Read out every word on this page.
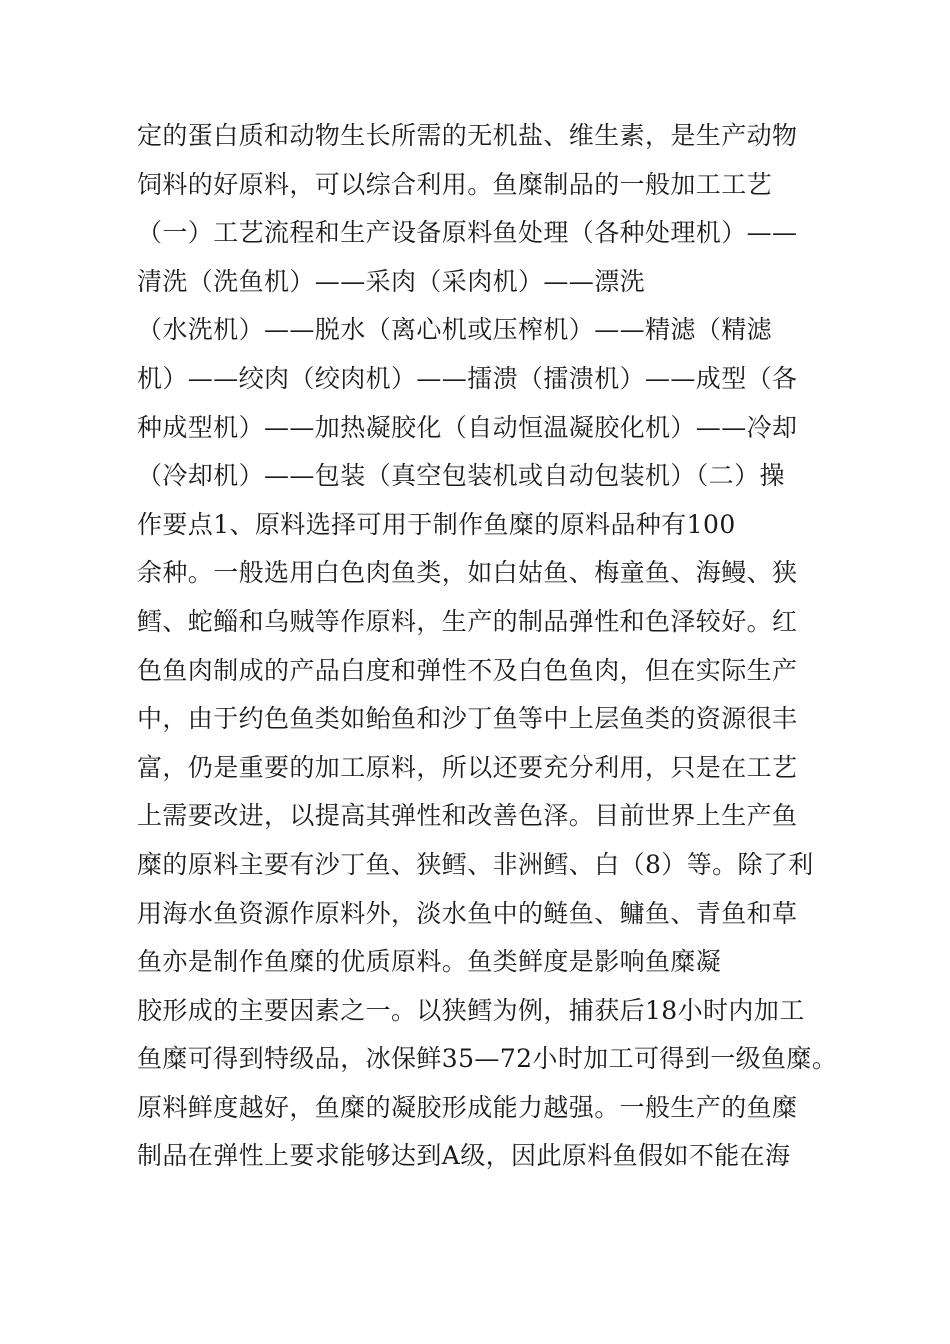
定的蛋白质和动物生长所需的无机盐、维生素，是生产动物
饲料的好原料，可以综合利用。鱼糜制品的一般加工工艺
（一）工艺流程和生产设备原料鱼处理（各种处理机）——
清洗（洗鱼机）——采肉（采肉机）——漂洗
（水洗机）——脱水（离心机或压榨机）——精滤（精滤
机）——绞肉（绞肉机）——擂溃（擂溃机）——成型（各
种成型机）——加热凝胶化（自动恒温凝胶化机）——冷却
（冷却机）——包装（真空包装机或自动包装机）（二）操
作要点1、原料选择可用于制作鱼糜的原料品种有100
余种。一般选用白色肉鱼类，如白姑鱼、梅童鱼、海鳗、狭
鳕、蛇鲻和乌贼等作原料，生产的制品弹性和色泽较好。红
色鱼肉制成的产品白度和弹性不及白色鱼肉，但在实际生产
中，由于约色鱼类如鲐鱼和沙丁鱼等中上层鱼类的资源很丰
富，仍是重要的加工原料，所以还要充分利用，只是在工艺
上需要改进，以提高其弹性和改善色泽。目前世界上生产鱼
糜的原料主要有沙丁鱼、狭鳕、非洲鳕、白（8）等。除了利
用海水鱼资源作原料外，淡水鱼中的鲢鱼、鳙鱼、青鱼和草
鱼亦是制作鱼糜的优质原料。鱼类鲜度是影响鱼糜凝
胶形成的主要因素之一。以狭鳕为例，捕获后18小时内加工
鱼糜可得到特级品，冰保鲜35—72小时加工可得到一级鱼糜。
原料鲜度越好，鱼糜的凝胶形成能力越强。一般生产的鱼糜
制品在弹性上要求能够达到A级，因此原料鱼假如不能在海
